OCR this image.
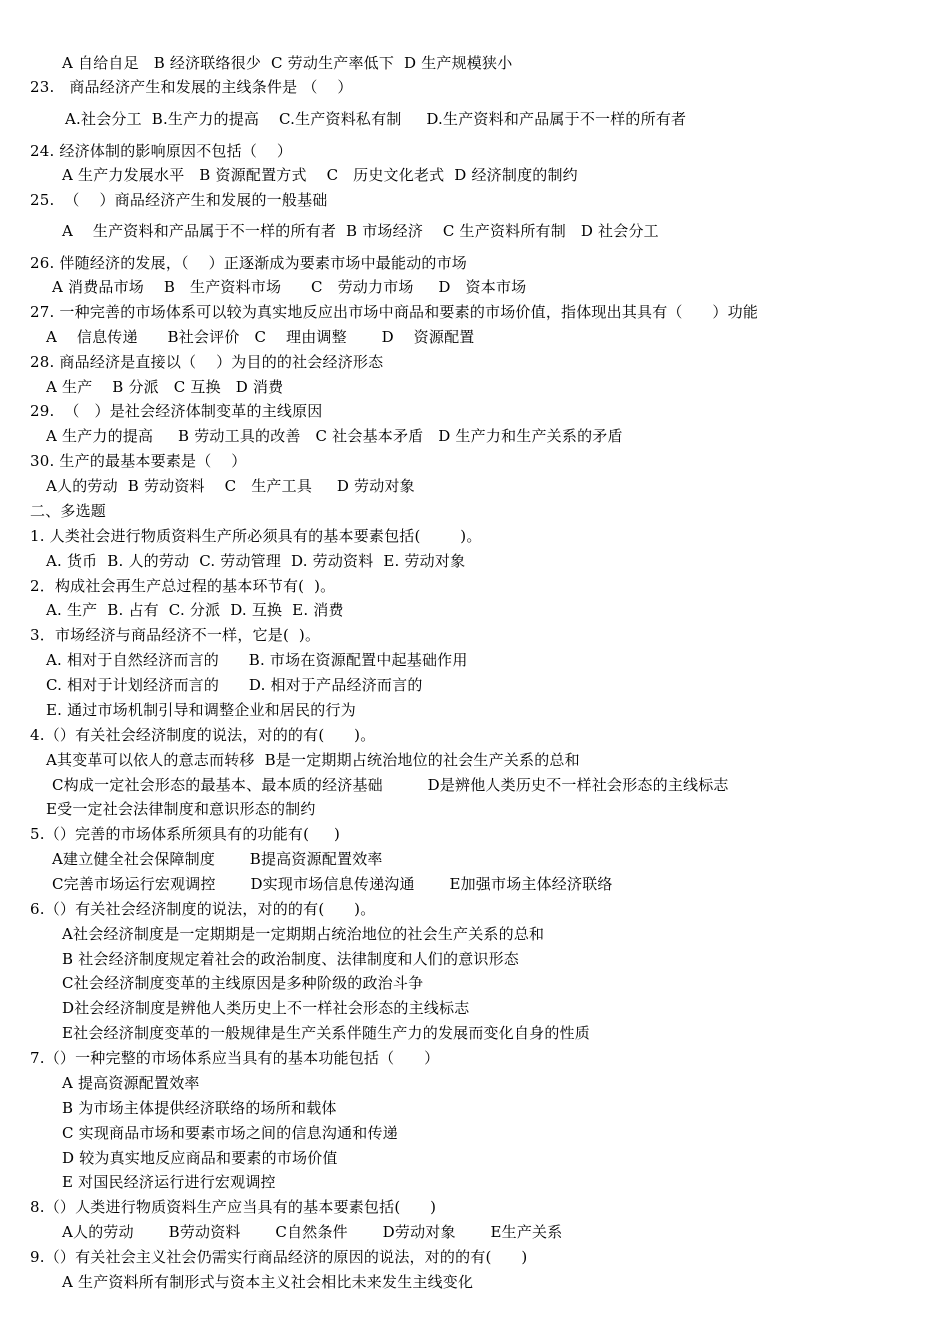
A 自给自足   B 经济联络很少  C 劳动生产率低下  D 生产规模狭小
23.   商品经济产生和发展的主线条件是 （    ）
A.社会分工  B.生产力的提高    C.生产资料私有制     D.生产资料和产品属于不一样的所有者
24. 经济体制的影响原因不包括（    ）
A 生产力发展水平   B 资源配置方式    C   历史文化老式  D 经济制度的制约
25.  （    ）商品经济产生和发展的一般基础
A    生产资料和产品属于不一样的所有者  B 市场经济    C 生产资料所有制   D 社会分工
26. 伴随经济的发展，（    ）正逐渐成为要素市场中最能动的市场
A 消费品市场    B   生产资料市场      C   劳动力市场     D   资本市场
27. 一种完善的市场体系可以较为真实地反应出市场中商品和要素的市场价值，指体现出其具有（      ）功能
A    信息传递      B社会评价   C    理由调整       D    资源配置
28. 商品经济是直接以（    ）为目的的社会经济形态
A 生产    B 分派   C 互换   D 消费
29.  （   ）是社会经济体制变革的主线原因
A 生产力的提高     B 劳动工具的改善   C 社会基本矛盾   D 生产力和生产关系的矛盾
30. 生产的最基本要素是（    ）
A人的劳动  B 劳动资料    C   生产工具     D 劳动对象
二、多选题
1. 人类社会进行物质资料生产所必须具有的基本要素包括(        )。
A. 货币  B. 人的劳动  C. 劳动管理  D. 劳动资料  E. 劳动对象
2．构成社会再生产总过程的基本环节有(  )。
A. 生产  B. 占有  C. 分派  D. 互换  E. 消费
3．市场经济与商品经济不一样，它是(  )。
A. 相对于自然经济而言的      B. 市场在资源配置中起基础作用
C. 相对于计划经济而言的      D. 相对于产品经济而言的
E. 通过市场机制引导和调整企业和居民的行为
4.（）有关社会经济制度的说法，对的的有(      )。
A其变革可以依人的意志而转移  B是一定期期占统治地位的社会生产关系的总和
C构成一定社会形态的最基本、最本质的经济基础         D是辨他人类历史不一样社会形态的主线标志
E受一定社会法律制度和意识形态的制约
5.（）完善的市场体系所须具有的功能有(     )
A建立健全社会保障制度       B提高资源配置效率
C完善市场运行宏观调控       D实现市场信息传递沟通       E加强市场主体经济联络
6.（）有关社会经济制度的说法，对的的有(      )。
A社会经济制度是一定期期是一定期期占统治地位的社会生产关系的总和
B 社会经济制度规定着社会的政治制度、法律制度和人们的意识形态
C社会经济制度变革的主线原因是多种阶级的政治斗争
D社会经济制度是辨他人类历史上不一样社会形态的主线标志
E社会经济制度变革的一般规律是生产关系伴随生产力的发展而变化自身的性质
7.（）一种完整的市场体系应当具有的基本功能包括（      ）
A 提高资源配置效率
B 为市场主体提供经济联络的场所和载体
C 实现商品市场和要素市场之间的信息沟通和传递
D 较为真实地反应商品和要素的市场价值
E 对国民经济运行进行宏观调控
8.（）人类进行物质资料生产应当具有的基本要素包括(      )
A人的劳动       B劳动资料       C自然条件       D劳动对象       E生产关系
9.（）有关社会主义社会仍需实行商品经济的原因的说法，对的的有(      )
A 生产资料所有制形式与资本主义社会相比未来发生主线变化
